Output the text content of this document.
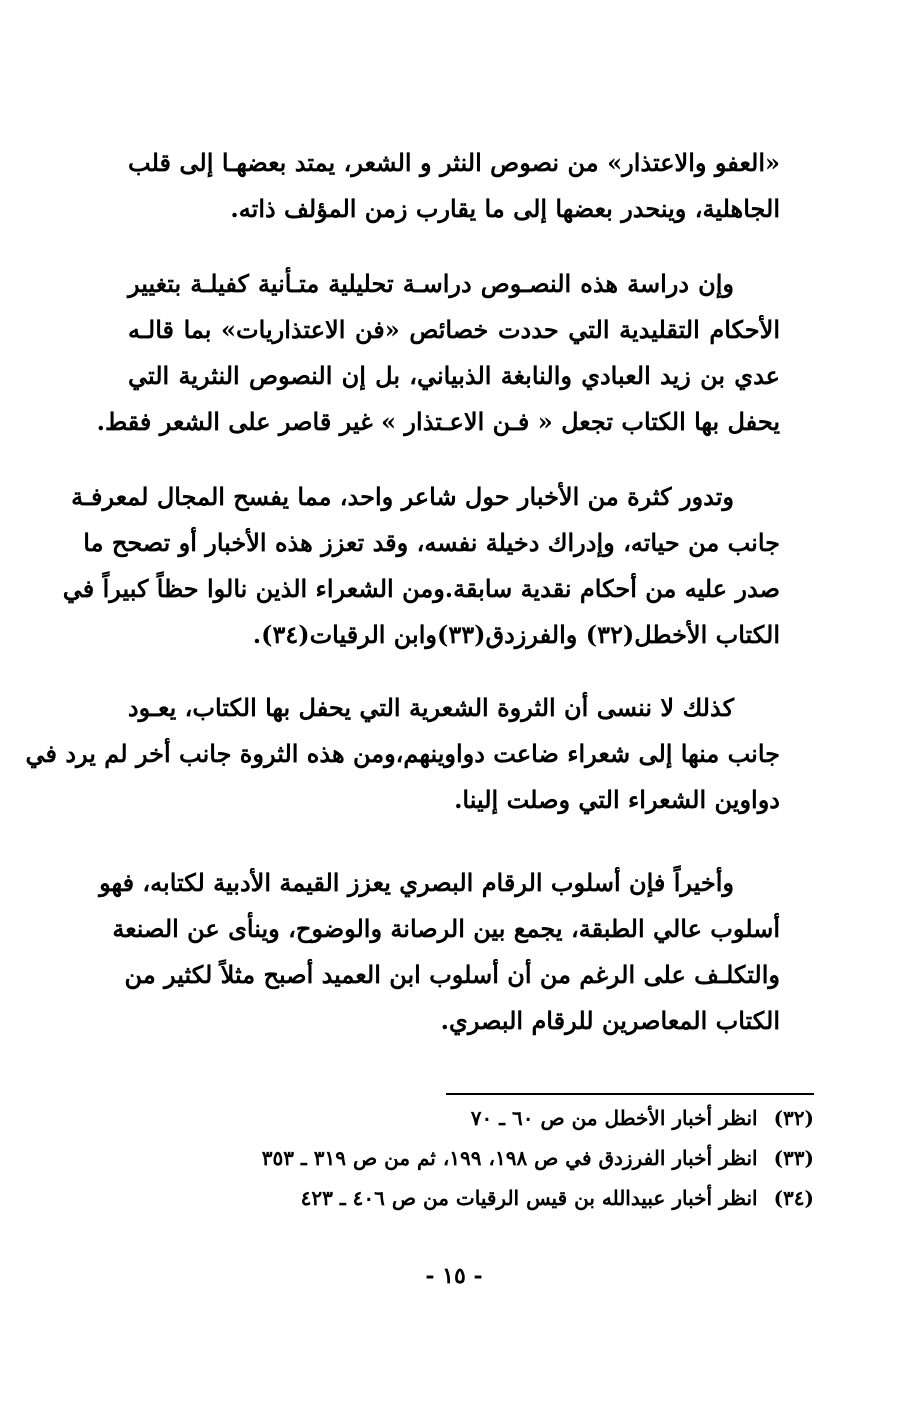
«العفو والاعتذار» من نصوص النثر و الشعر، يمتد بعضهـا إلى قلب
الجاهلية، وينحدر بعضها إلى ما يقارب زمن المؤلف ذاته.
وإن دراسة هذه النصـوص دراسـة تحليلية متـأنية كفيلـة بتغيير
الأحكام التقليدية التي حددت خصائص «فن الاعتذاريات» بما قالـه
عدي بن زيد العبادي والنابغة الذبياني، بل إن النصوص النثرية التي
يحفل بها الكتاب تجعل « فـن الاعـتذار » غير قاصر على الشعر فقط.
وتدور كثرة من الأخبار حول شاعر واحد، مما يفسح المجال لمعرفـة
جانب من حياته، وإدراك دخيلة نفسه، وقد تعزز هذه الأخبار أو تصحح ما
صدر عليه من أحكام نقدية سابقة.ومن الشعراء الذين نالوا حظاً كبيراً في
الكتاب الأخطل(٣٢) والفرزدق(٣٣)وابن الرقيات(٣٤).
كذلك لا ننسى أن الثروة الشعرية التي يحفل بها الكتاب، يعـود
جانب منها إلى شعراء ضاعت دواوينهم،ومن هذه الثروة جانب أخر لم يرد في
دواوين الشعراء التي وصلت إلينا.
وأخيراً فإن أسلوب الرقام البصري يعزز القيمة الأدبية لكتابه، فهو
أسلوب عالي الطبقة، يجمع بين الرصانة والوضوح، وينأى عن الصنعة
والتكلـف على الرغم من أن أسلوب ابن العميد أصبح مثلاً لكثير من
الكتاب المعاصرين للرقام البصري.
(٣٢)انظر أخبار الأخطل من ص ٦٠ ـ ٧٠
(٣٣)انظر أخبار الفرزدق في ص ١٩٨، ١٩٩، ثم من ص ٣١٩ ـ ٣٥٣
(٣٤)انظر أخبار عبيدالله بن قيس الرقيات من ص ٤٠٦ ـ ٤٢٣
- ١٥ -
